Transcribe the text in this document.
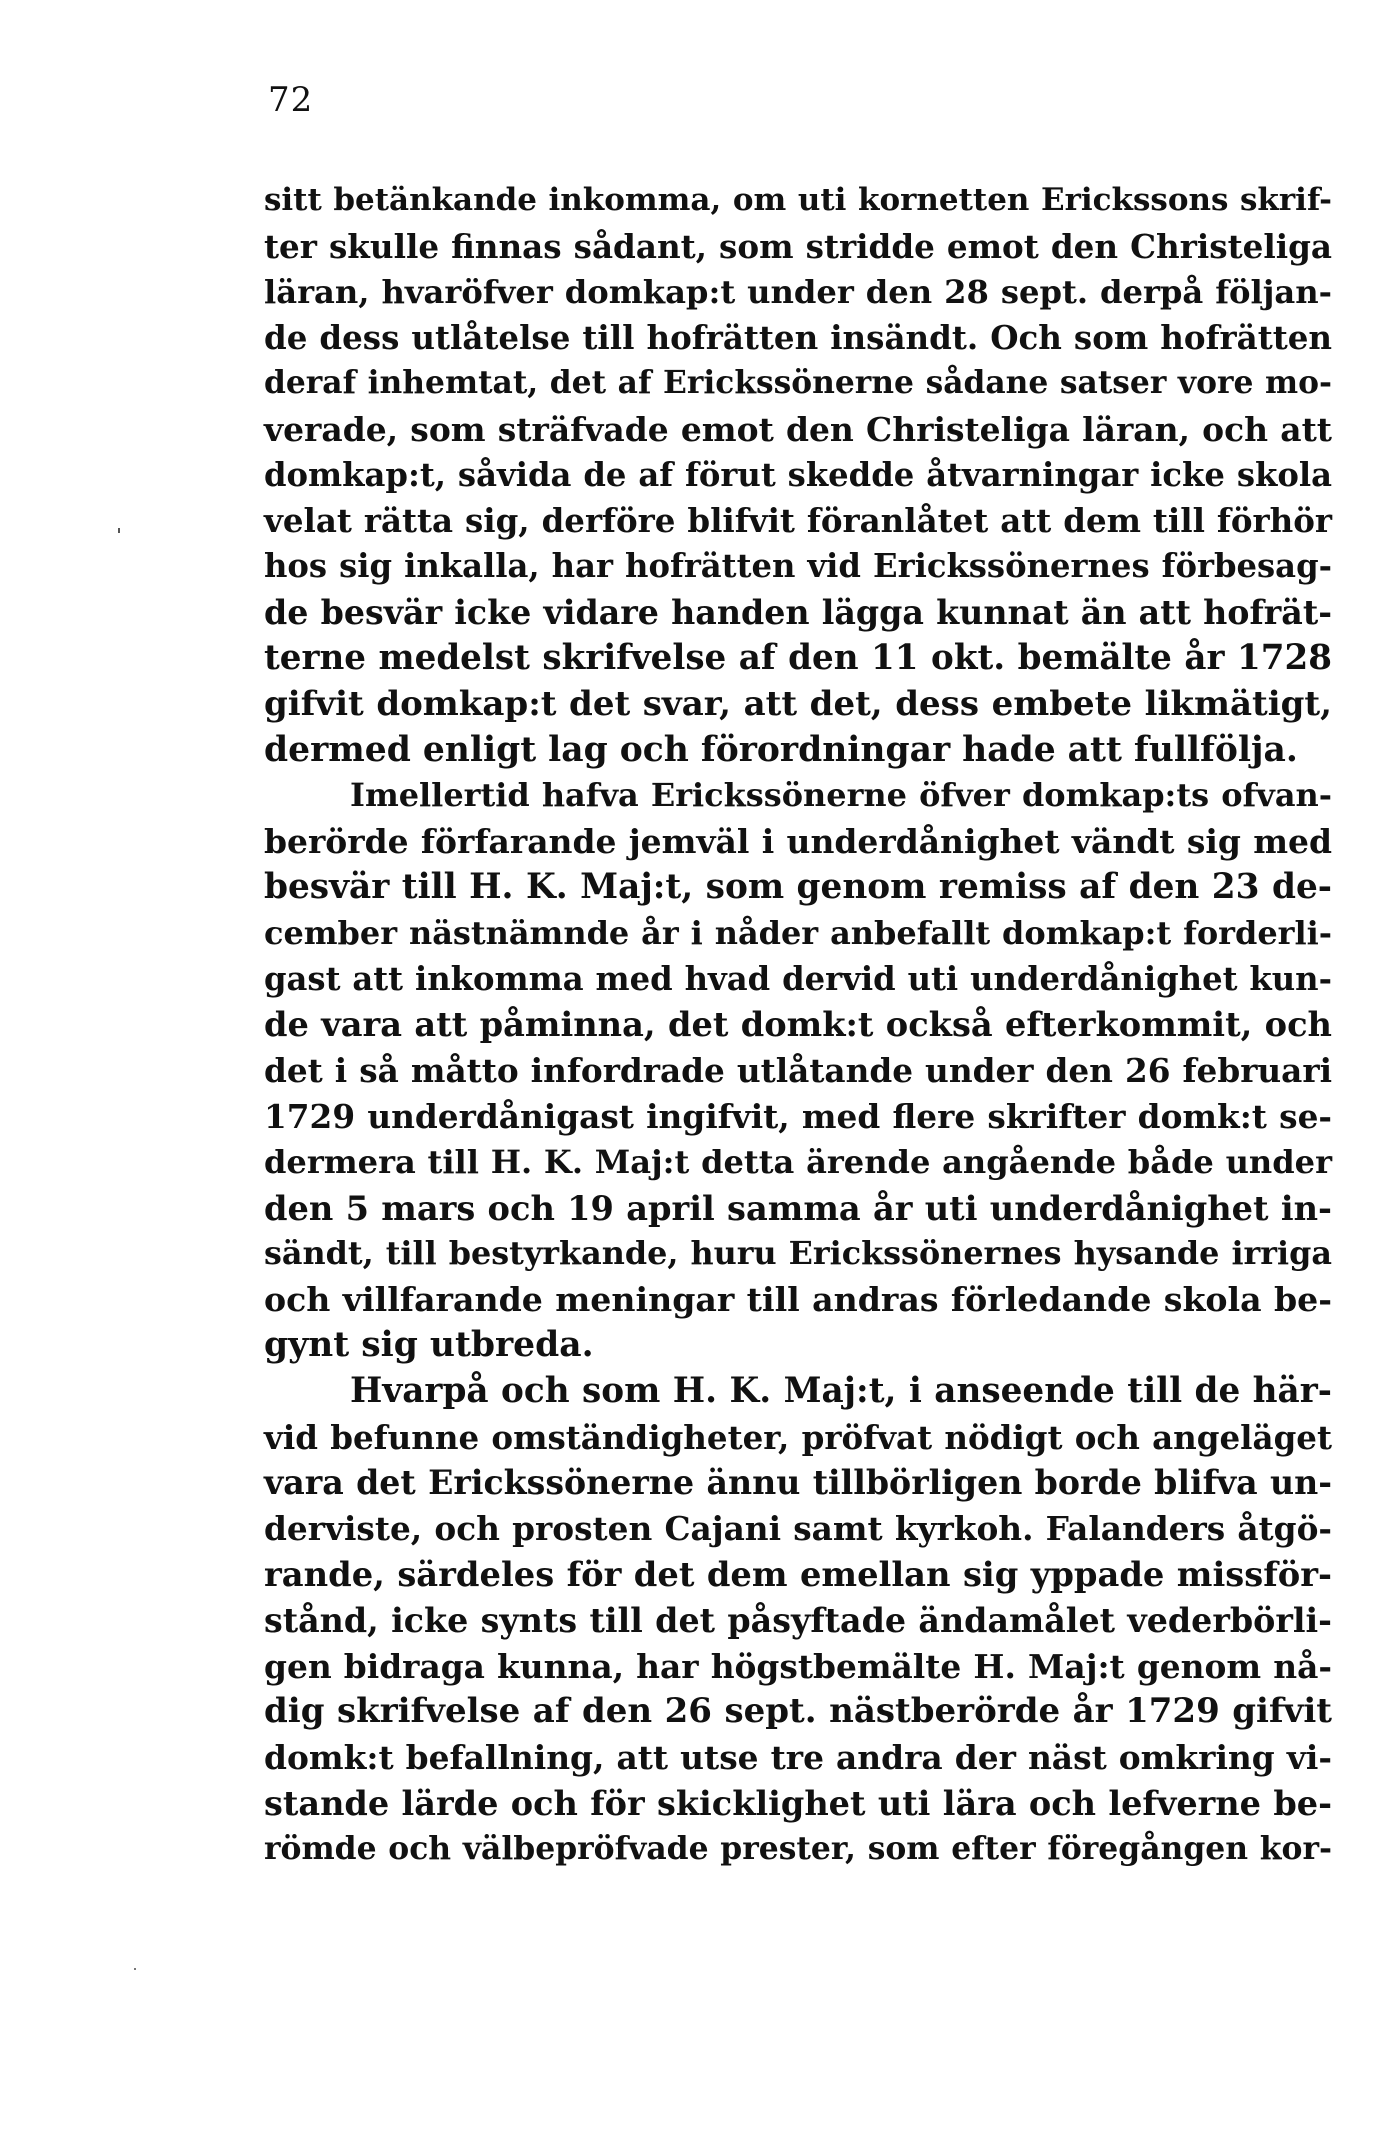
72
sitt betänkande inkomma, om uti kornetten Erickssons skrif-
ter skulle finnas sådant, som stridde emot den Christeliga
läran, hvaröfver domkap:t under den 28 sept. derpå följan-
de dess utlåtelse till hofrätten insändt. Och som hofrätten
deraf inhemtat, det af Erickssönerne sådane satser vore mo-
verade, som sträfvade emot den Christeliga läran, och att
domkap:t, såvida de af förut skedde åtvarningar icke skola
velat rätta sig, derföre blifvit föranlåtet att dem till förhör
hos sig inkalla, har hofrätten vid Erickssönernes förbesag-
de besvär icke vidare handen lägga kunnat än att hofrät-
terne medelst skrifvelse af den 11 okt. bemälte år 1728
gifvit domkap:t det svar, att det, dess embete likmätigt,
dermed enligt lag och förordningar hade att fullfölja.
Imellertid hafva Erickssönerne öfver domkap:ts ofvan-
berörde förfarande jemväl i underdånighet vändt sig med
besvär till H. K. Maj:t, som genom remiss af den 23 de-
cember nästnämnde år i nåder anbefallt domkap:t forderli-
gast att inkomma med hvad dervid uti underdånighet kun-
de vara att påminna, det domk:t också efterkommit, och
det i så måtto infordrade utlåtande under den 26 februari
1729 underdånigast ingifvit, med flere skrifter domk:t se-
dermera till H. K. Maj:t detta ärende angående både under
den 5 mars och 19 april samma år uti underdånighet in-
sändt, till bestyrkande, huru Erickssönernes hysande irriga
och villfarande meningar till andras förledande skola be-
gynt sig utbreda.
Hvarpå och som H. K. Maj:t, i anseende till de här-
vid befunne omständigheter, pröfvat nödigt och angeläget
vara det Erickssönerne ännu tillbörligen borde blifva un-
derviste, och prosten Cajani samt kyrkoh. Falanders åtgö-
rande, särdeles för det dem emellan sig yppade missför-
stånd, icke synts till det påsyftade ändamålet vederbörli-
gen bidraga kunna, har högstbemälte H. Maj:t genom nå-
dig skrifvelse af den 26 sept. nästberörde år 1729 gifvit
domk:t befallning, att utse tre andra der näst omkring vi-
stande lärde och för skicklighet uti lära och lefverne be-
römde och välbepröfvade prester, som efter föregången kor-
